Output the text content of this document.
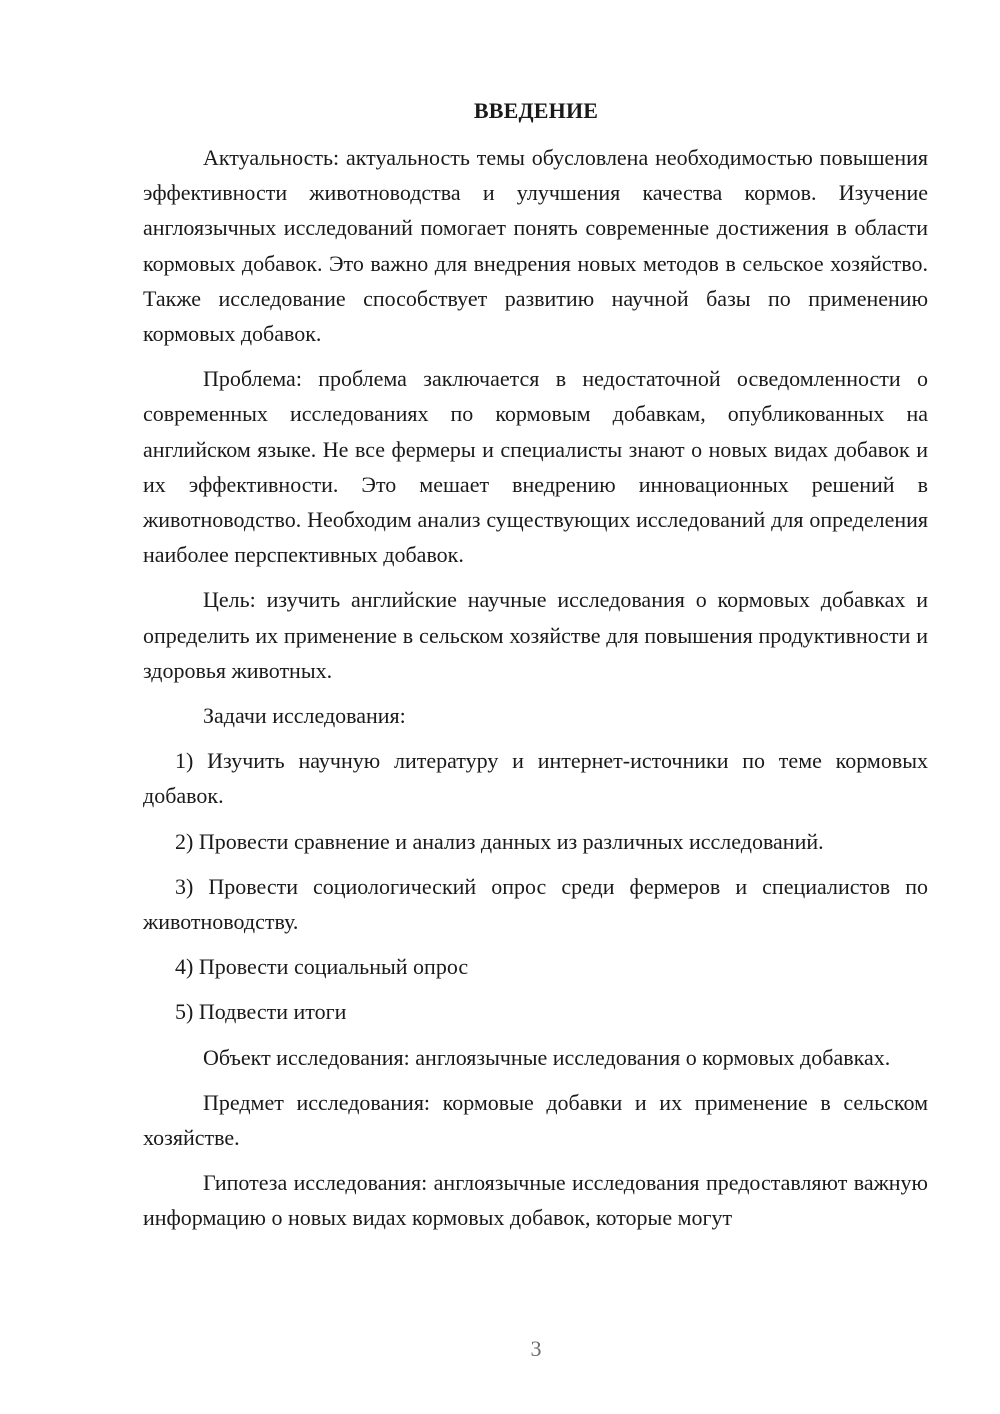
ВВЕДЕНИЕ

Актуальность: актуальность темы обусловлена необходимостью повышения эффективности животноводства и улучшения качества кормов. Изучение англоязычных исследований помогает понять современные достижения в области кормовых добавок. Это важно для внедрения новых методов в сельское хозяйство. Также исследование способствует развитию научной базы по применению кормовых добавок.

Проблема: проблема заключается в недостаточной осведомленности о современных исследованиях по кормовым добавкам, опубликованных на английском языке. Не все фермеры и специалисты знают о новых видах добавок и их эффективности. Это мешает внедрению инновационных решений в животноводство. Необходим анализ существующих исследований для определения наиболее перспективных добавок.

Цель: изучить английские научные исследования о кормовых добавках и определить их применение в сельском хозяйстве для повышения продуктивности и здоровья животных.

Задачи исследования:

1) Изучить научную литературу и интернет-источники по теме кормовых добавок.

2) Провести сравнение и анализ данных из различных исследований.

3) Провести социологический опрос среди фермеров и специалистов по животноводству.

4) Провести социальный опрос

5) Подвести итоги

Объект исследования: англоязычные исследования о кормовых добавках.

Предмет исследования: кормовые добавки и их применение в сельском хозяйстве.

Гипотеза исследования: англоязычные исследования предоставляют важную информацию о новых видах кормовых добавок, которые могут

3
